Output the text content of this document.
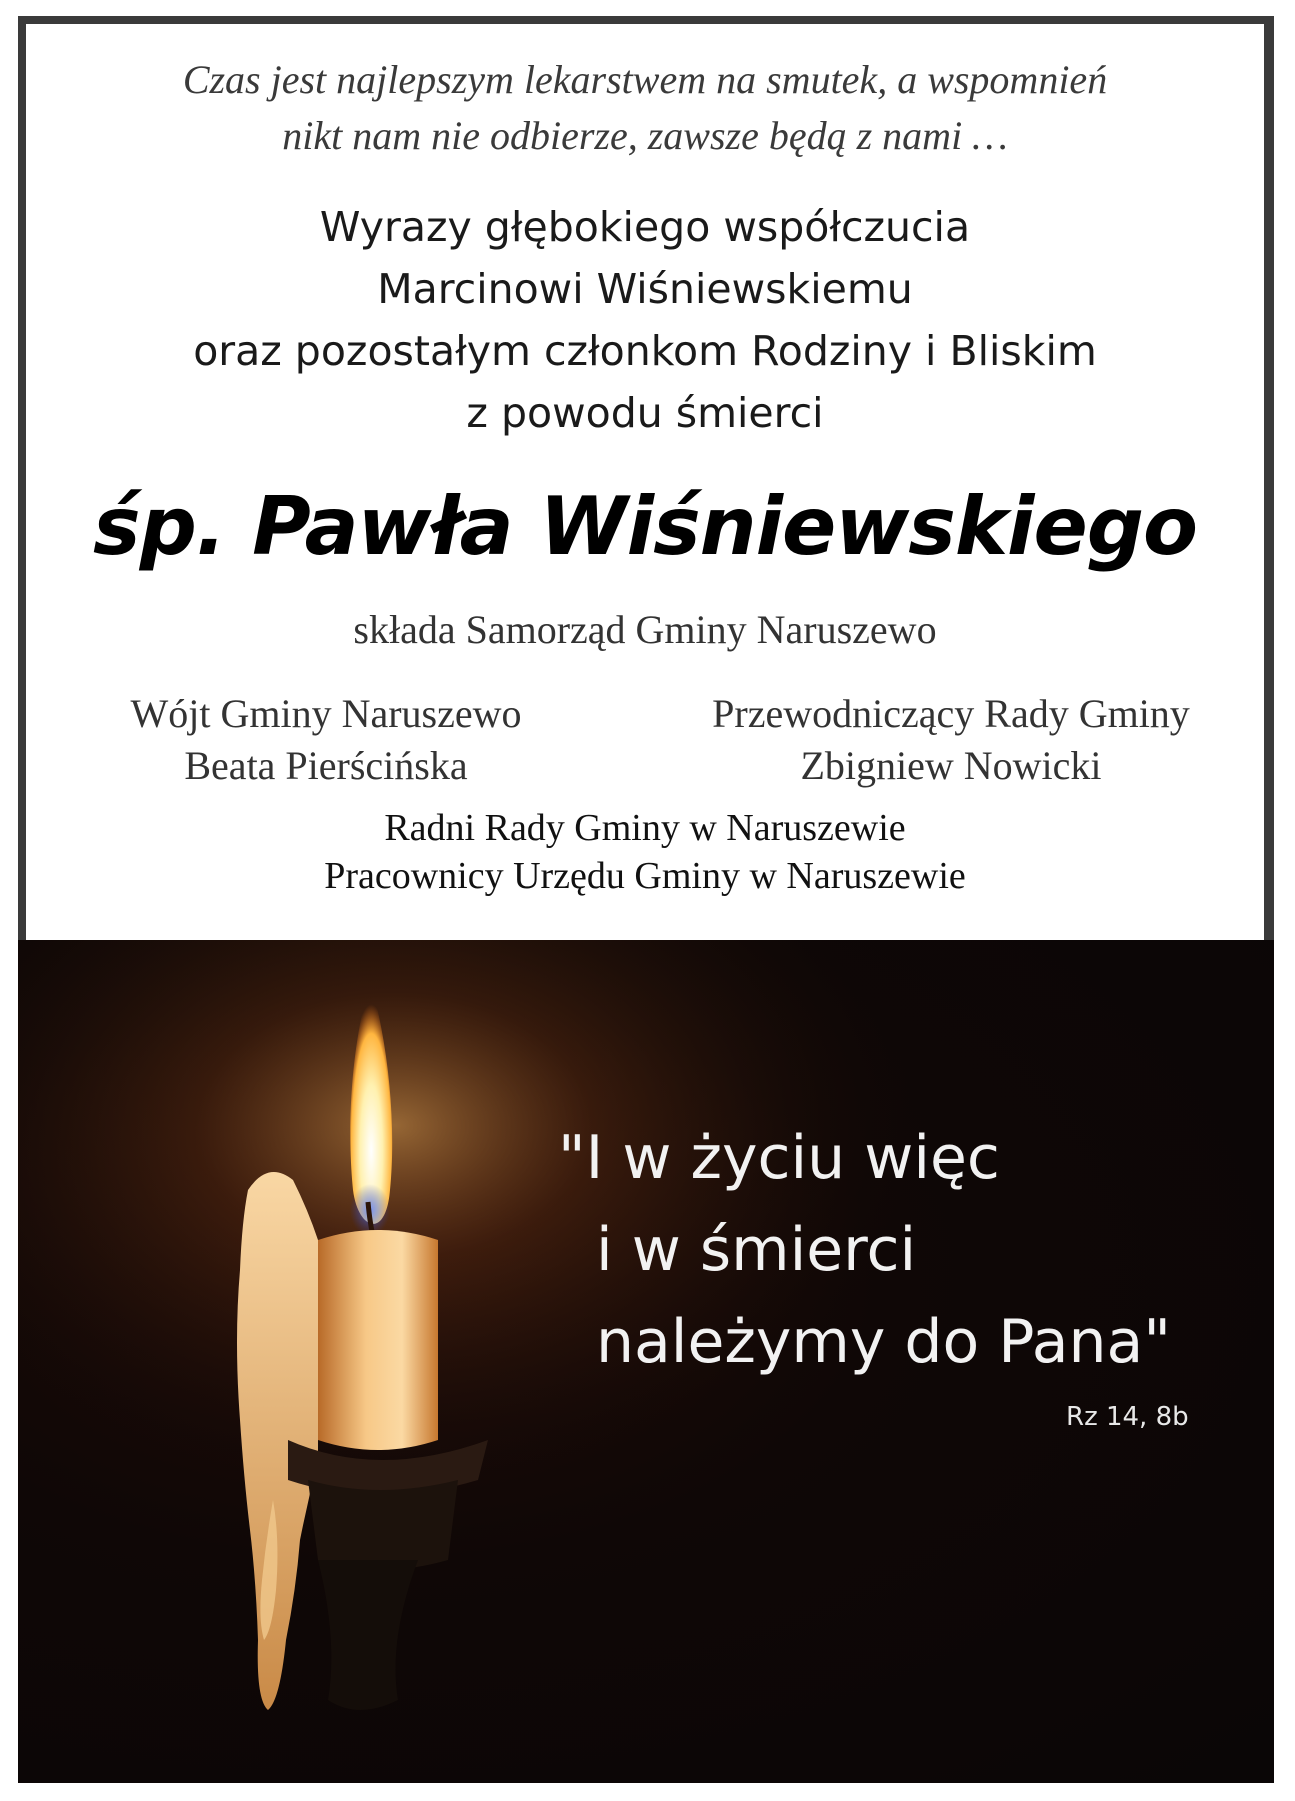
Czas jest najlepszym lekarstwem na smutek, a wspomnień
nikt nam nie odbierze, zawsze będą z nami …
Wyrazy głębokiego współczucia
Marcinowi Wiśniewskiemu
oraz pozostałym członkom Rodziny i Bliskim
z powodu śmierci
śp. Pawła Wiśniewskiego
składa Samorząd Gminy Naruszewo
Wójt Gminy Naruszewo
Beata Pierścińska
Przewodniczący Rady Gminy
Zbigniew Nowicki
Radni Rady Gminy w Naruszewie
Pracownicy Urzędu Gminy w Naruszewie
"I w życiu więc
i w śmierci
należymy do Pana"
Rz 14, 8b
